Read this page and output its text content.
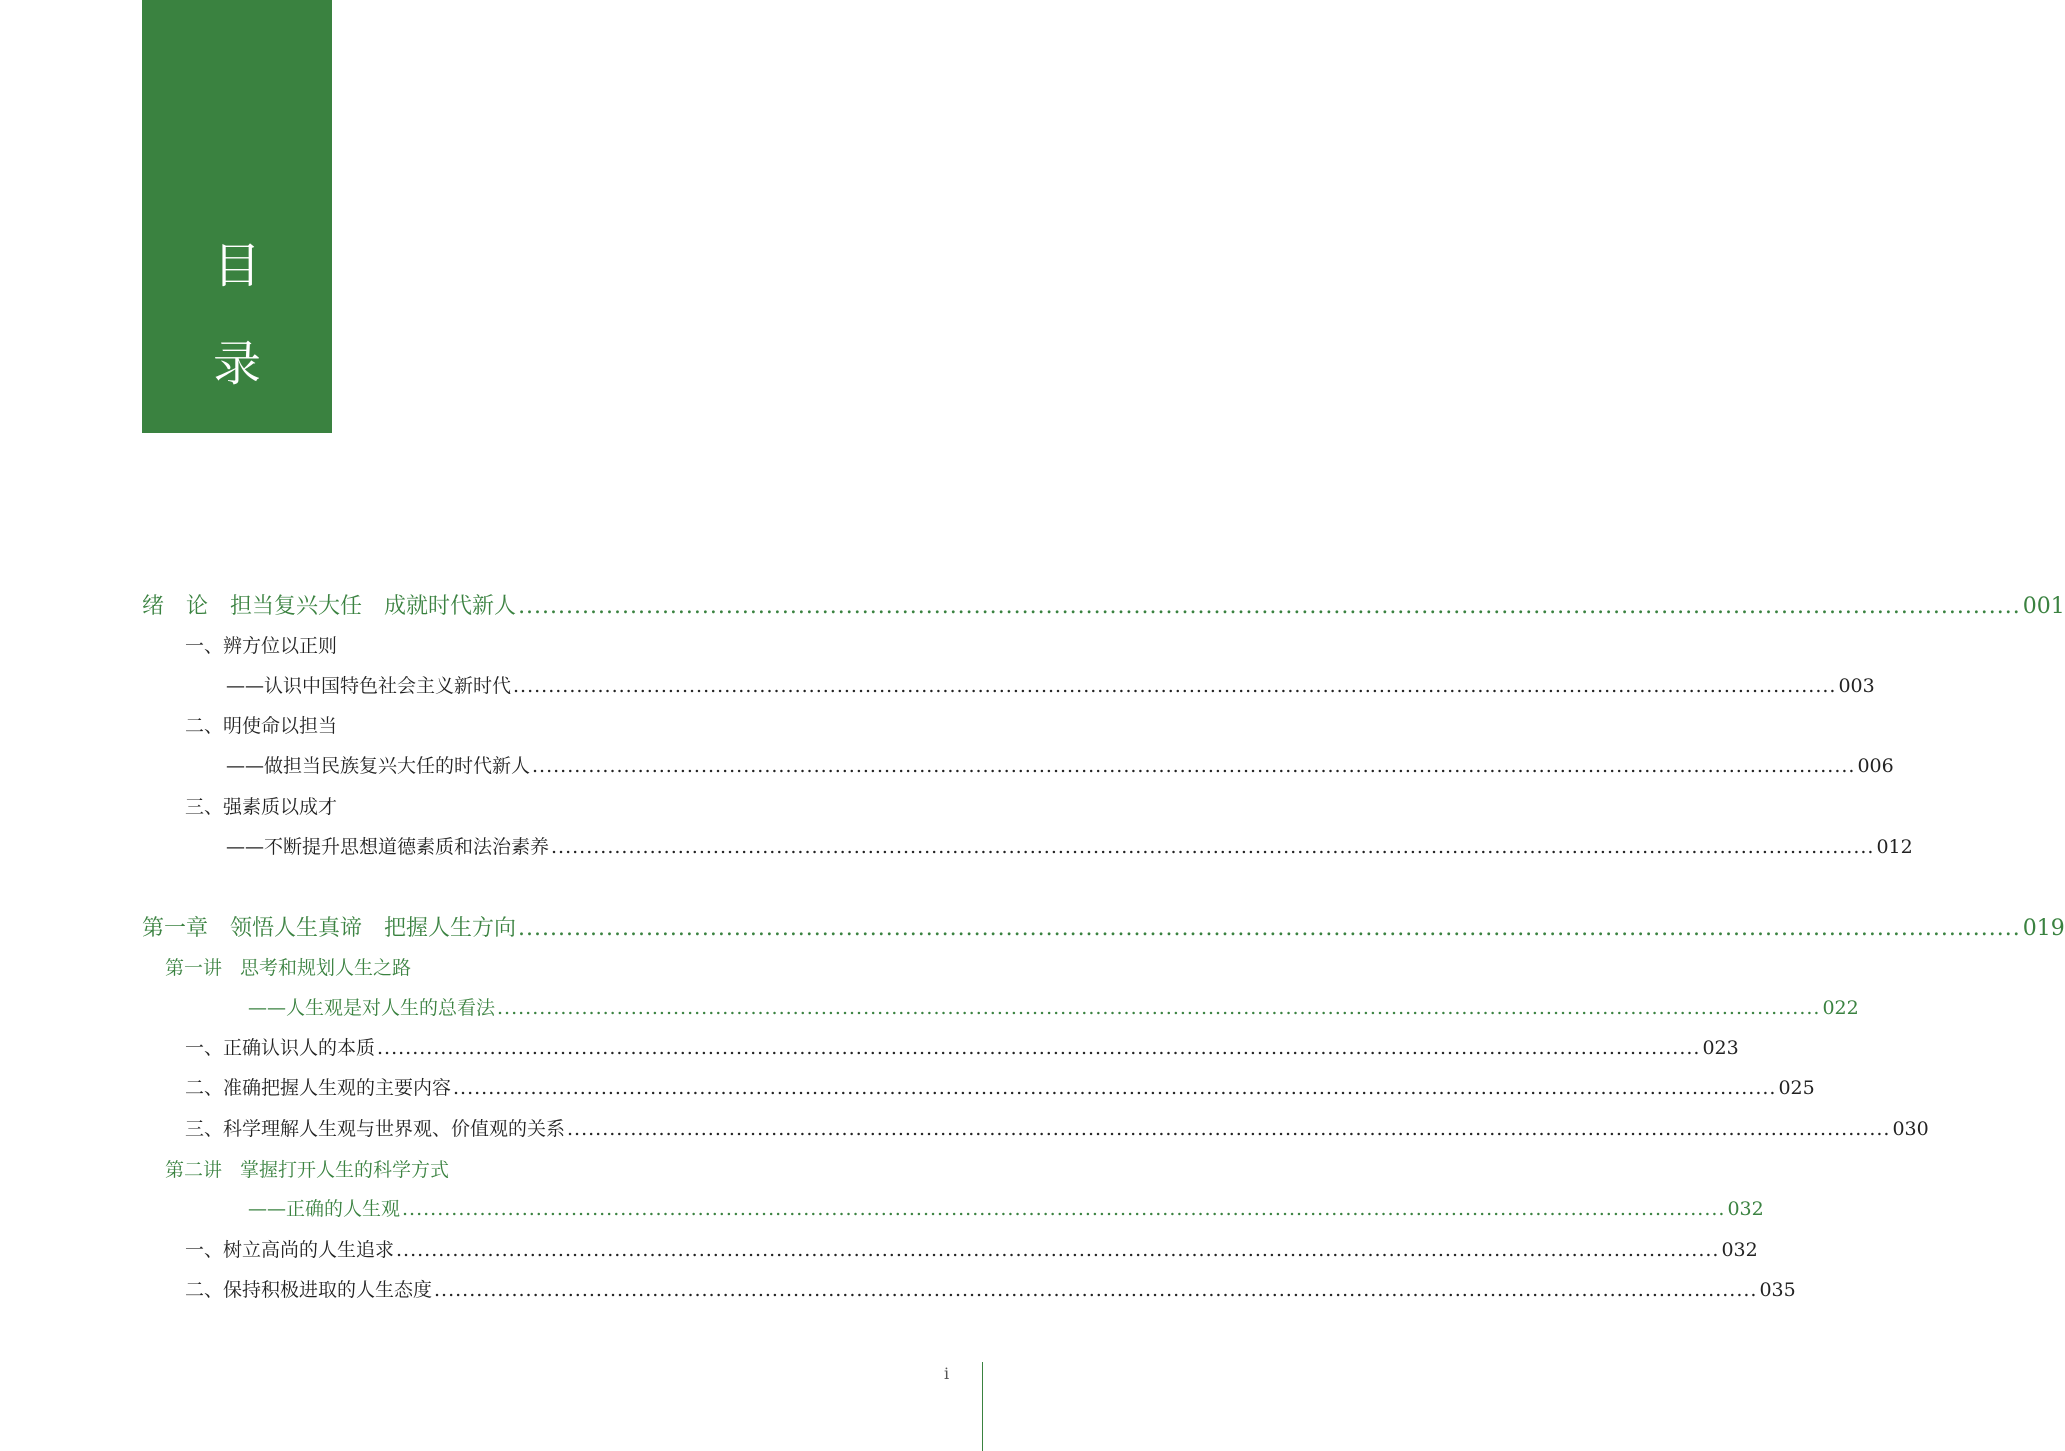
目
录
绪 论 担当复兴大任 成就时代新人 ............................................................................................................................................................................................ 001
一、辨方位以正则
——认识中国特色社会主义新时代 ............................................................................................................................................................................................ 003
二、明使命以担当
——做担当民族复兴大任的时代新人 ............................................................................................................................................................................................ 006
三、强素质以成才
——不断提升思想道德素质和法治素养 ............................................................................................................................................................................................ 012
第一章 领悟人生真谛 把握人生方向 ............................................................................................................................................................................................ 019
第一讲 思考和规划人生之路
——人生观是对人生的总看法 ............................................................................................................................................................................................ 022
一、正确认识人的本质 ............................................................................................................................................................................................ 023
二、准确把握人生观的主要内容 ............................................................................................................................................................................................ 025
三、科学理解人生观与世界观、价值观的关系 ............................................................................................................................................................................................ 030
第二讲 掌握打开人生的科学方式
——正确的人生观 ............................................................................................................................................................................................ 032
一、树立高尚的人生追求 ............................................................................................................................................................................................ 032
二、保持积极进取的人生态度 ............................................................................................................................................................................................ 035
i
